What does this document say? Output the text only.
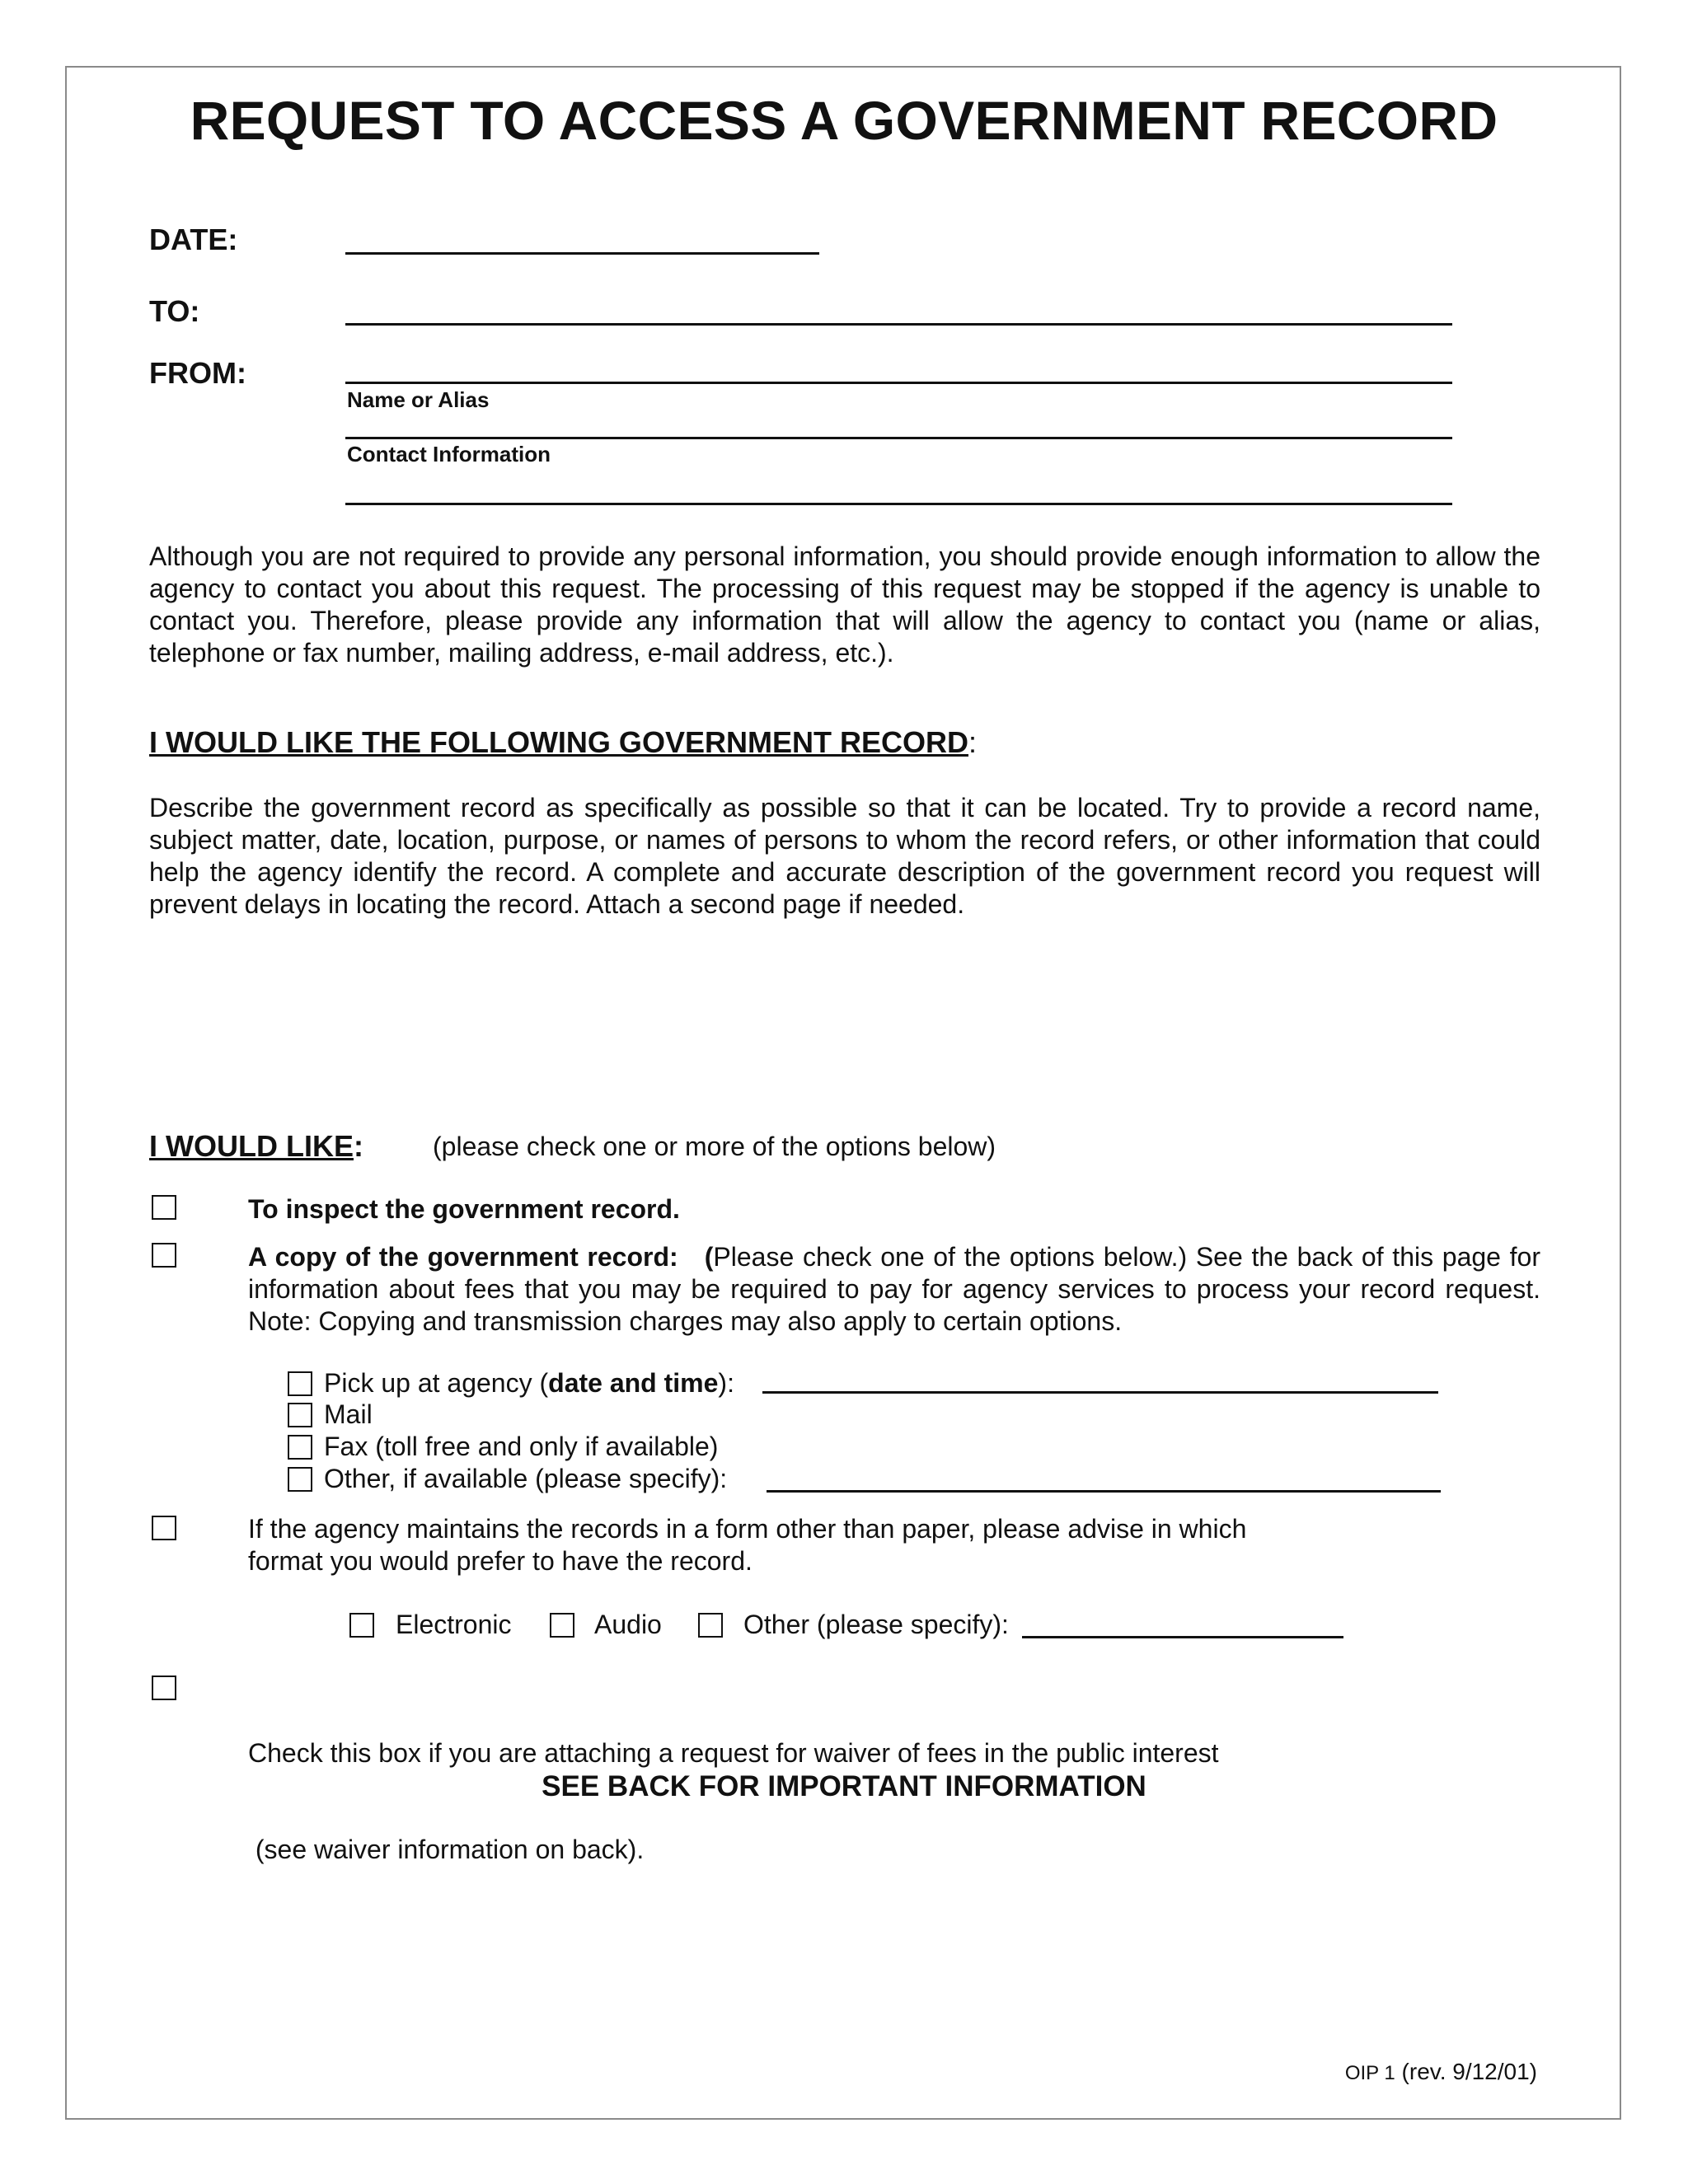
REQUEST TO ACCESS A GOVERNMENT RECORD
DATE:
TO:
FROM:
Name or Alias
Contact Information
Although you are not required to provide any personal information, you should provide enough information to allow the agency to contact you about this request. The processing of this request may be stopped if the agency is unable to contact you. Therefore, please provide any information that will allow the agency to contact you (name or alias, telephone or fax number, mailing address, e-mail address, etc.).
I WOULD LIKE THE FOLLOWING GOVERNMENT RECORD:
Describe the government record as specifically as possible so that it can be located. Try to provide a record name, subject matter, date, location, purpose, or names of persons to whom the record refers, or other information that could help the agency identify the record. A complete and accurate description of the government record you request will prevent delays in locating the record. Attach a second page if needed.
I WOULD LIKE:	(please check one or more of the options below)
To inspect the government record.
A copy of the government record: (Please check one of the options below.) See the back of this page for information about fees that you may be required to pay for agency services to process your record request. Note: Copying and transmission charges may also apply to certain options.
Pick up at agency (date and time):
Mail
Fax (toll free and only if available)
Other, if available (please specify):
If the agency maintains the records in a form other than paper, please advise in which
format you would prefer to have the record.
Electronic	Audio	Other (please specify):

Check this box if you are attaching a request for waiver of fees in the public interest

(see waiver information on back).

SEE BACK FOR IMPORTANT INFORMATION
OIP 1 (rev. 9/12/01)
